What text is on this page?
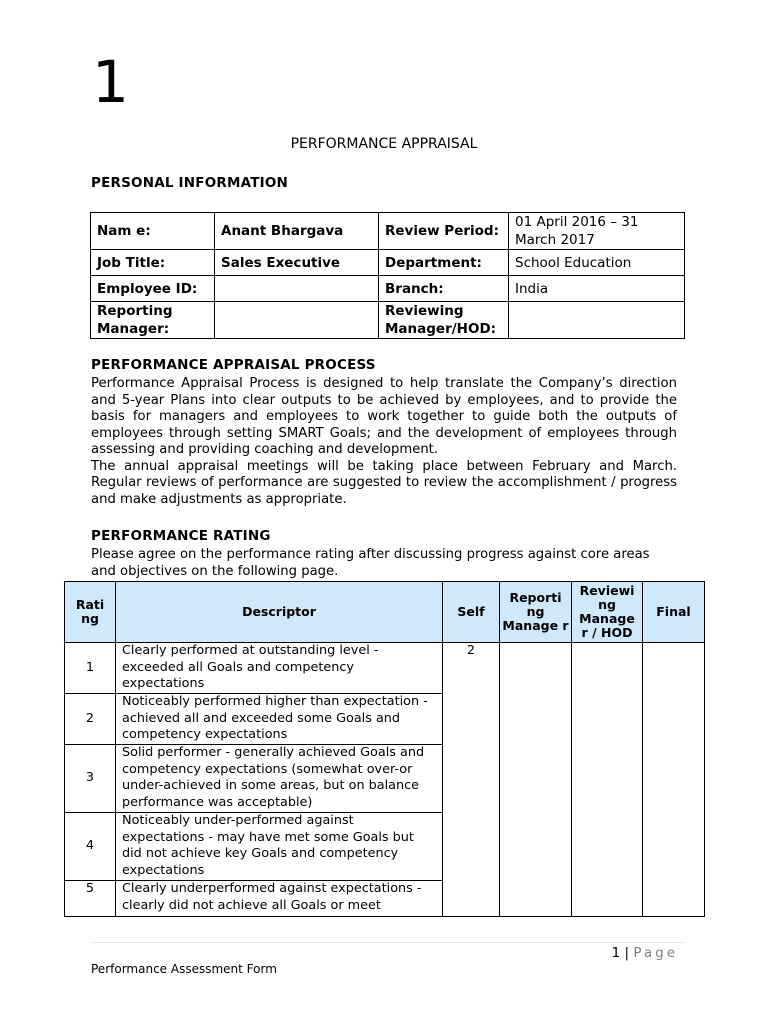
1
PERFORMANCE APPRAISAL
PERSONAL INFORMATION
Nam e:	Anant Bhargava	Review Period:	01 April 2016 – 31 March 2017
Job Title:	Sales Executive	Department:	School Education
Employee ID:		Branch:	India
Reporting Manager:		Reviewing Manager/HOD:	
PERFORMANCE APPRAISAL PROCESS

Performance Appraisal Process is designed to help translate the Company’s direction and 5-year Plans into clear outputs to be achieved by employees, and to provide the basis for managers and employees to work together to guide both the outputs of employees through setting SMART Goals; and the development of employees through assessing and providing coaching and development.

The annual appraisal meetings will be taking place between February and March. Regular reviews of performance are suggested to review the accomplishment / progress and make adjustments as appropriate.

PERFORMANCE RATING
Please agree on the performance rating after discussing progress against core areas and objectives on the following page.
Rati ng	Descriptor	Self	Reporti ng Manage r	Reviewi ng Manage r / HOD	Final
1	Clearly performed at outstanding level - exceeded all Goals and competency expectations	2			
2	Noticeably performed higher than expectation - achieved all and exceeded some Goals and competency expectations				
3	Solid performer - generally achieved Goals and competency expectations (somewhat over-or under-achieved in some areas, but on balance performance was acceptable)				
4	Noticeably under-performed against expectations - may have met some Goals but did not achieve key Goals and competency expectations				
5	Clearly underperformed against expectations - clearly did not achieve all Goals or meet				
1 | Page
Performance Assessment Form
